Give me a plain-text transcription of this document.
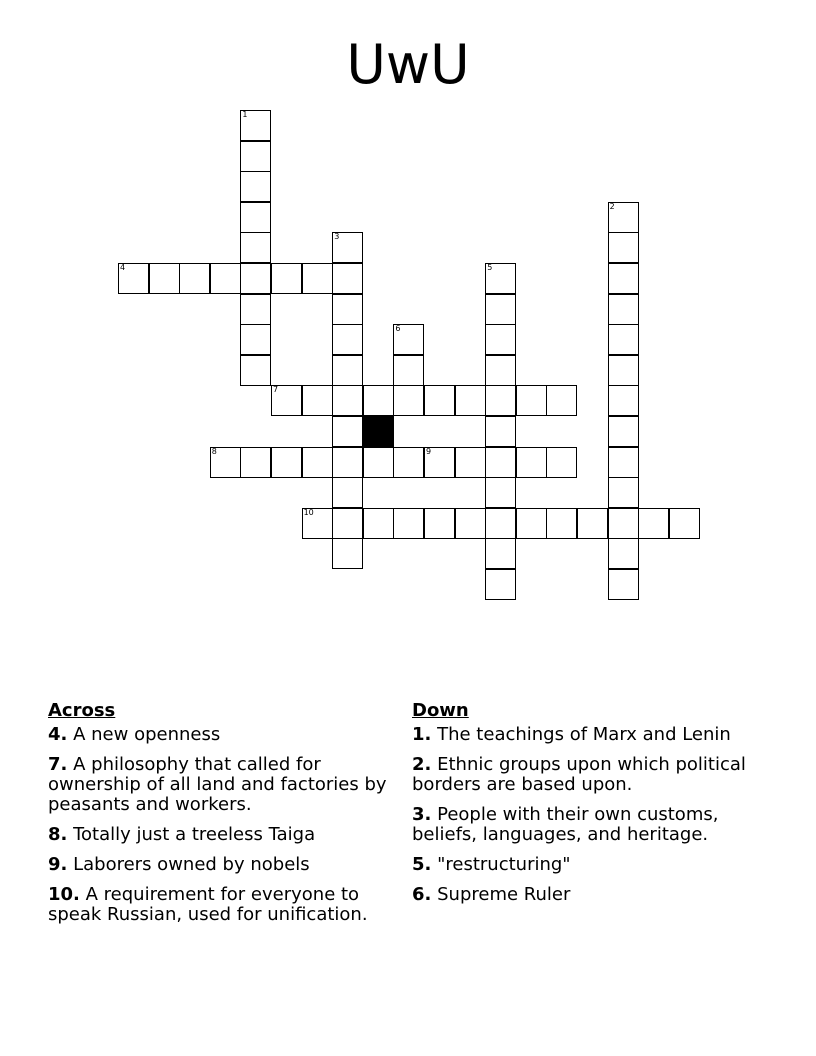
UwU
1
2
3
4	5
6
7
8	9
10
Across
4. A new openness
7. A philosophy that called for ownership of all land and factories by peasants and workers.
8. Totally just a treeless Taiga
9. Laborers owned by nobels
10. A requirement for everyone to speak Russian, used for unification.
Down
1. The teachings of Marx and Lenin
2. Ethnic groups upon which political borders are based upon.
3. People with their own customs, beliefs, languages, and heritage.
5. "restructuring"
6. Supreme Ruler
